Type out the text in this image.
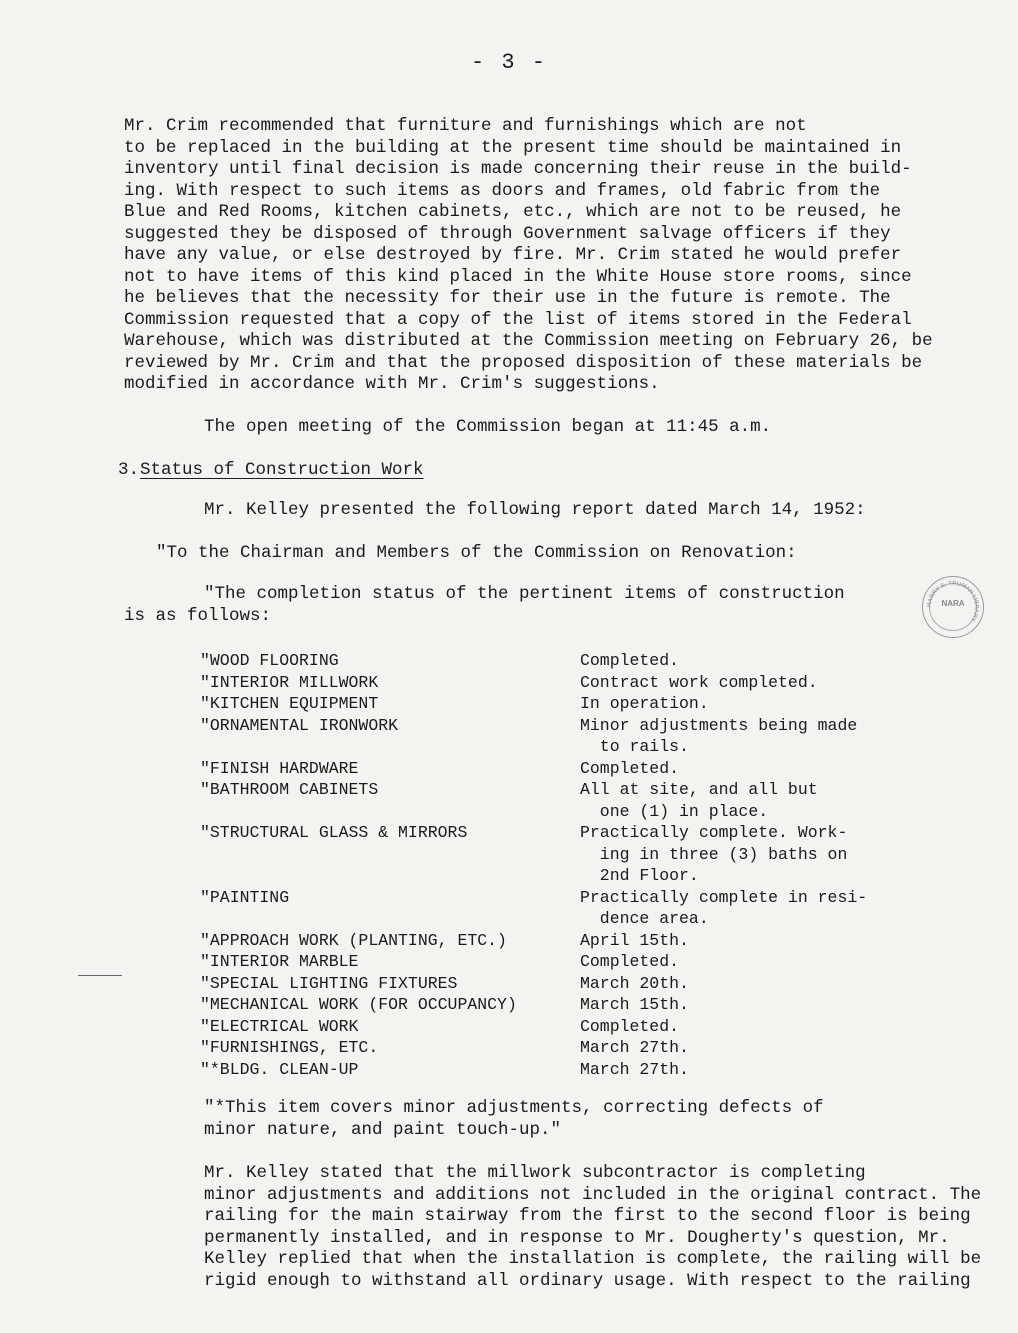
- 3 -
Mr. Crim recommended that furniture and furnishings which are not
to be replaced in the building at the present time should be maintained in
inventory until final decision is made concerning their reuse in the build-
ing. With respect to such items as doors and frames, old fabric from the
Blue and Red Rooms, kitchen cabinets, etc., which are not to be reused, he
suggested they be disposed of through Government salvage officers if they
have any value, or else destroyed by fire. Mr. Crim stated he would prefer
not to have items of this kind placed in the White House store rooms, since
he believes that the necessity for their use in the future is remote. The
Commission requested that a copy of the list of items stored in the Federal
Warehouse, which was distributed at the Commission meeting on February 26, be
reviewed by Mr. Crim and that the proposed disposition of these materials be
modified in accordance with Mr. Crim's suggestions.
The open meeting of the Commission began at 11:45 a.m.
3.Status of Construction Work
Mr. Kelley presented the following report dated March 14, 1952:
"To the Chairman and Members of the Commission on Renovation:
"The completion status of the pertinent items of construction
is as follows:
"WOOD FLOORING	Completed.
"INTERIOR MILLWORK	Contract work completed.
"KITCHEN EQUIPMENT	In operation.
"ORNAMENTAL IRONWORK	Minor adjustments being made
to rails.
"FINISH HARDWARE	Completed.
"BATHROOM CABINETS	All at site, and all but
one (1) in place.
"STRUCTURAL GLASS & MIRRORS	Practically complete. Work-
ing in three (3) baths on
2nd Floor.
"PAINTING	Practically complete in resi-
dence area.
"APPROACH WORK (PLANTING, ETC.)	April 15th.
"INTERIOR MARBLE	Completed.
"SPECIAL LIGHTING FIXTURES	March 20th.
"MECHANICAL WORK (FOR OCCUPANCY)	March 15th.
"ELECTRICAL WORK	Completed.
"FURNISHINGS, ETC.	March 27th.
"*BLDG. CLEAN-UP	March 27th.
"*This item covers minor adjustments, correcting defects of
minor nature, and paint touch-up."
Mr. Kelley stated that the millwork subcontractor is completing
minor adjustments and additions not included in the original contract. The
railing for the main stairway from the first to the second floor is being
permanently installed, and in response to Mr. Dougherty's question, Mr.
Kelley replied that when the installation is complete, the railing will be
rigid enough to withstand all ordinary usage. With respect to the railing
HARRY S. TRUMAN LIBRARY
NARA
